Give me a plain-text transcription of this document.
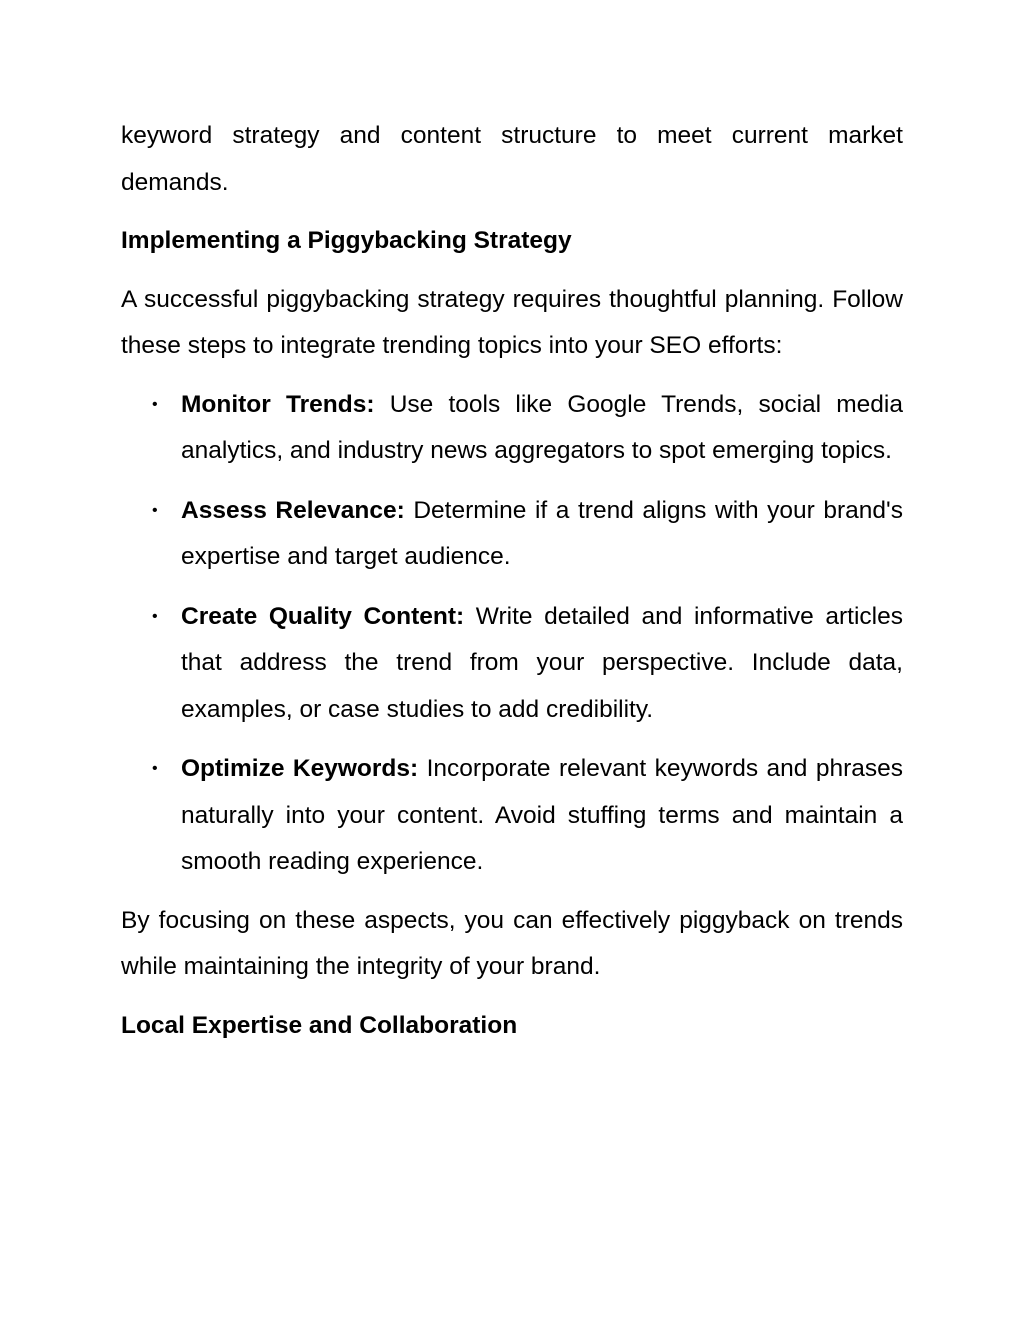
keyword strategy and content structure to meet current market demands.

Implementing a Piggybacking Strategy

A successful piggybacking strategy requires thoughtful planning. Follow these steps to integrate trending topics into your SEO efforts:

• Monitor Trends: Use tools like Google Trends, social media analytics, and industry news aggregators to spot emerging topics.
• Assess Relevance: Determine if a trend aligns with your brand's expertise and target audience.
• Create Quality Content: Write detailed and informative articles that address the trend from your perspective. Include data, examples, or case studies to add credibility.
• Optimize Keywords: Incorporate relevant keywords and phrases naturally into your content. Avoid stuffing terms and maintain a smooth reading experience.

By focusing on these aspects, you can effectively piggyback on trends while maintaining the integrity of your brand.

Local Expertise and Collaboration
